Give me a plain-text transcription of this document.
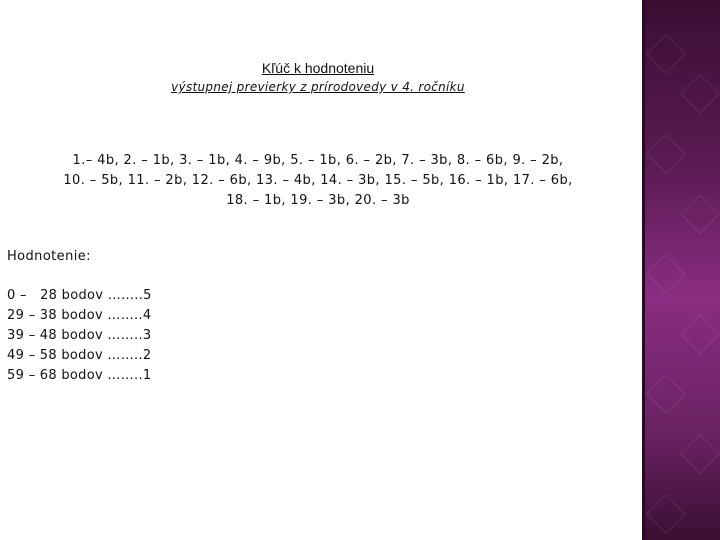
Kľúč k hodnoteniu
výstupnej previerky z prírodovedy v 4. ročníku
1.– 4b, 2. – 1b, 3. – 1b, 4. – 9b, 5. – 1b, 6. – 2b, 7. – 3b, 8. – 6b, 9. – 2b,
10. – 5b, 11. – 2b, 12. – 6b, 13. – 4b, 14. – 3b, 15. – 5b, 16. – 1b, 17. – 6b,
18. – 1b, 19. – 3b, 20. – 3b
Hodnotenie:
0 –   28 bodov ……..5
29 – 38 bodov ……..4
39 – 48 bodov ……..3
49 – 58 bodov ……..2
59 – 68 bodov ……..1
